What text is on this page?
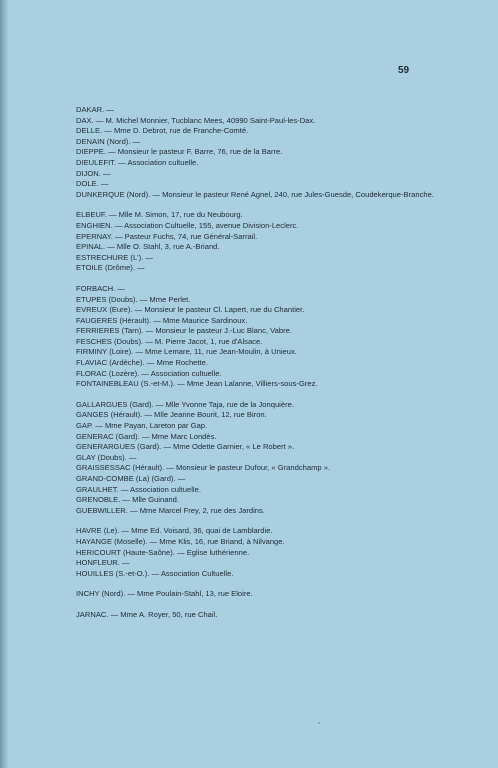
59
DAKAR. —
DAX. — M. Michel Monnier, Tucblanc Mees, 40990 Saint-Paul-les-Dax.
DELLE. — Mme D. Debrot, rue de Franche-Comté.
DENAIN (Nord). —
DIEPPE. — Monsieur le pasteur F. Barre, 76, rue de la Barre.
DIEULEFIT. — Association cultuelle.
DIJON. —
DOLE. —
DUNKERQUE (Nord). — Monsieur le pasteur René Agnel, 240, rue Jules-Guesde, Coudekerque-Branche.
ELBEUF. — Mlle M. Simon, 17, rue du Neubourg.
ENGHIEN. — Association Cultuelle, 155, avenue Division-Leclerc.
EPERNAY. — Pasteur Fuchs, 74, rue Général-Sarrail.
EPINAL. — Mlle O. Stahl, 3, rue A.-Briand.
ESTRECHURE (L'). —
ETOILE (Drôme). —
FORBACH. —
ETUPES (Doubs). — Mme Perlet.
EVREUX (Eure). — Monsieur le pasteur Cl. Lapert, rue du Chantier.
FAUGERES (Hérault). — Mme Maurice Sardinoux.
FERRIERES (Tarn). — Monsieur le pasteur J.-Luc Blanc, Vabre.
FESCHES (Doubs). — M. Pierre Jacot, 1, rue d'Alsace.
FIRMINY (Loire). — Mme Lemare, 11, rue Jean-Moulin, à Unieux.
FLAVIAC (Ardèche). — Mme Rochette.
FLORAC (Lozère). — Association cultuelle.
FONTAINEBLEAU (S.-et-M.). — Mme Jean Lalanne, Villiers-sous-Grez.
GALLARGUES (Gard). — Mlle Yvonne Taja, rue de la Jonquière.
GANGES (Hérault). — Mlle Jeanne Bourit, 12, rue Biron.
GAP. — Mme Payan, Lareton par Gap.
GENERAC (Gard). — Mme Marc Londès.
GENERARGUES (Gard). — Mme Odette Garnier, « Le Robert ».
GLAY (Doubs). —
GRAISSESSAC (Hérault). — Monsieur le pasteur Dufour, « Grandchamp ».
GRAND-COMBE (La) (Gard). —
GRAULHET. — Association cultuelle.
GRENOBLE. — Mlle Guinand.
GUEBWILLER. — Mme Marcel Frey, 2, rue des Jardins.
HAVRE (Le). — Mme Ed. Voisard, 36, quai de Lamblardie.
HAYANGE (Moselle). — Mme Klis, 16, rue Briand, à Nilvange.
HERICOURT (Haute-Saône). — Eglise luthérienne.
HONFLEUR. —
HOUILLES (S.-et-O.). — Association Cultuelle.
INCHY (Nord). — Mme Poulain-Stahl, 13, rue Eloire.
JARNAC. — Mme A. Royer, 50, rue Chail.
